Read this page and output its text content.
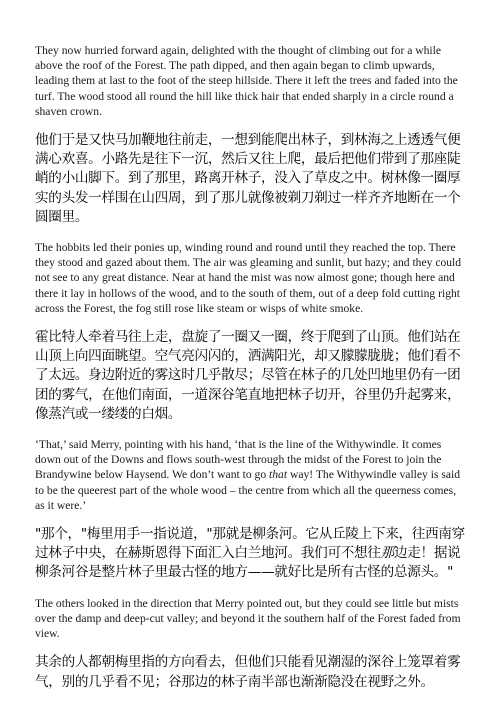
They now hurried forward again, delighted with the thought of climbing out for a while above the roof of the Forest. The path dipped, and then again began to climb upwards, leading them at last to the foot of the steep hillside. There it left the trees and faded into the turf. The wood stood all round the hill like thick hair that ended sharply in a circle round a shaven crown.

他们于是又快马加鞭地往前走，一想到能爬出林子，到林海之上透透气便满心欢喜。小路先是往下一沉，然后又往上爬，最后把他们带到了那座陡峭的小山脚下。到了那里，路离开林子，没入了草皮之中。树林像一圈厚实的头发一样围在山四周，到了那儿就像被剃刀剃过一样齐齐地断在一个圆圈里。

The hobbits led their ponies up, winding round and round until they reached the top. There they stood and gazed about them. The air was gleaming and sunlit, but hazy; and they could not see to any great distance. Near at hand the mist was now almost gone; though here and there it lay in hollows of the wood, and to the south of them, out of a deep fold cutting right across the Forest, the fog still rose like steam or wisps of white smoke.

霍比特人牵着马往上走，盘旋了一圈又一圈，终于爬到了山顶。他们站在山顶上向四面眺望。空气亮闪闪的，洒满阳光，却又朦朦胧胧；他们看不了太远。身边附近的雾这时几乎散尽；尽管在林子的几处凹地里仍有一团团的雾气，在他们南面，一道深谷笔直地把林子切开，谷里仍升起雾来，像蒸汽或一缕缕的白烟。

‘That,’ said Merry, pointing with his hand, ‘that is the line of the Withywindle. It comes down out of the Downs and flows south-west through the midst of the Forest to join the Brandywine below Haysend. We don’t want to go that way! The Withywindle valley is said to be the queerest part of the whole wood – the centre from which all the queerness comes, as it were.’

"那个，"梅里用手一指说道，"那就是柳条河。它从丘陵上下来，往西南穿过林子中央，在赫斯恩得下面汇入白兰地河。我们可不想往那边走！据说柳条河谷是整片林子里最古怪的地方——就好比是所有古怪的总源头。"

The others looked in the direction that Merry pointed out, but they could see little but mists over the damp and deep-cut valley; and beyond it the southern half of the Forest faded from view.

其余的人都朝梅里指的方向看去，但他们只能看见潮湿的深谷上笼罩着雾气，别的几乎看不见；谷那边的林子南半部也渐渐隐没在视野之外。
